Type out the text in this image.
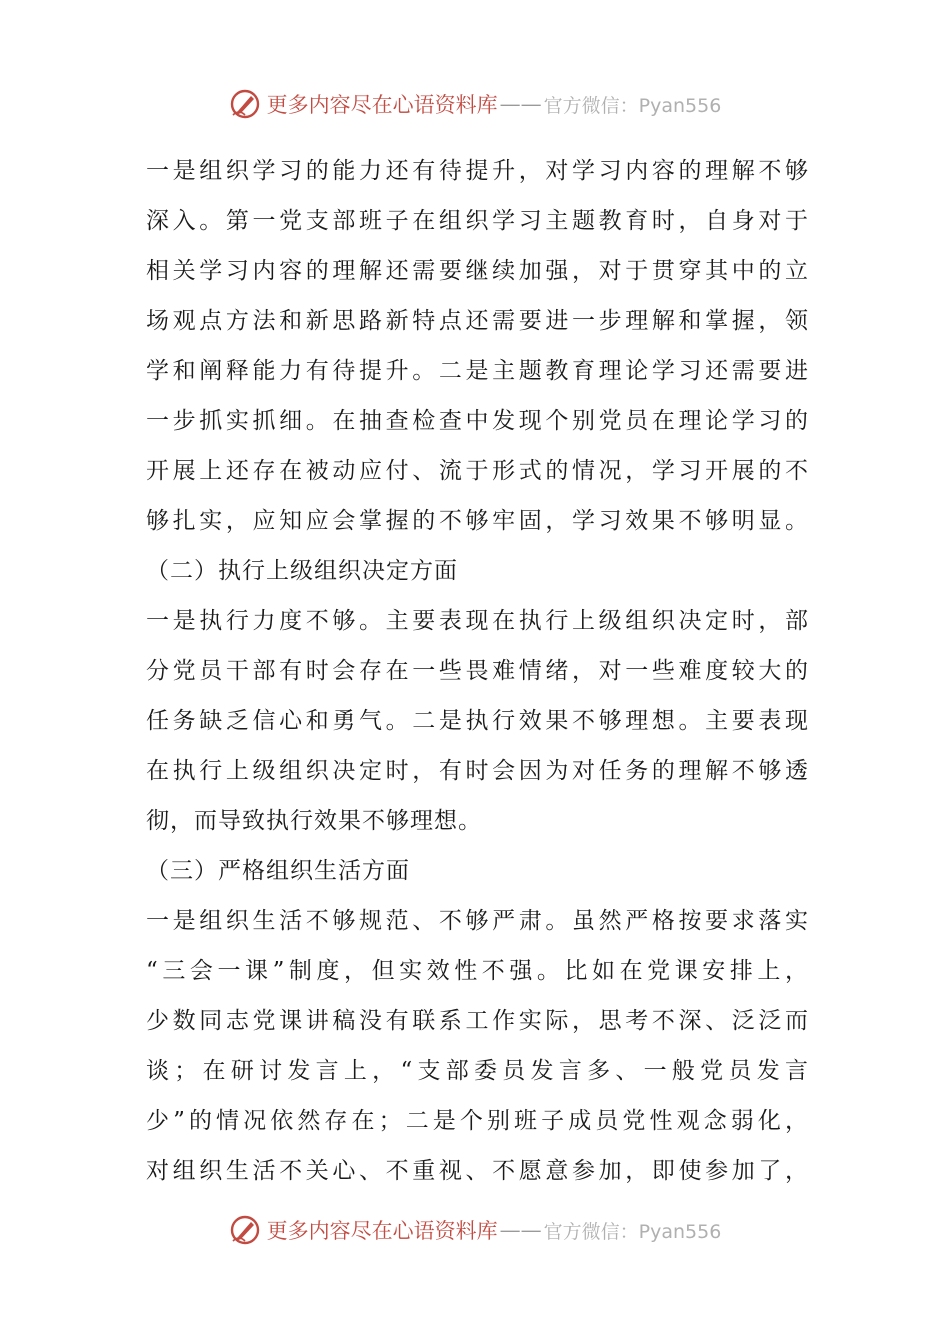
更多内容尽在心语资料库 —— 官方微信：Pyan556
一是组织学习的能力还有待提升，对学习内容的理解不够
深入。第一党支部班子在组织学习主题教育时，自身对于
相关学习内容的理解还需要继续加强，对于贯穿其中的立
场观点方法和新思路新特点还需要进一步理解和掌握，领
学和阐释能力有待提升。二是主题教育理论学习还需要进
一步抓实抓细。在抽查检查中发现个别党员在理论学习的
开展上还存在被动应付、流于形式的情况，学习开展的不
够扎实，应知应会掌握的不够牢固，学习效果不够明显。
（二）执行上级组织决定方面
一是执行力度不够。主要表现在执行上级组织决定时，部
分党员干部有时会存在一些畏难情绪，对一些难度较大的
任务缺乏信心和勇气。二是执行效果不够理想。主要表现
在执行上级组织决定时，有时会因为对任务的理解不够透
彻，而导致执行效果不够理想。
（三）严格组织生活方面
一是组织生活不够规范、不够严肃。虽然严格按要求落实
“三会一课”制度，但实效性不强。比如在党课安排上，
少数同志党课讲稿没有联系工作实际，思考不深、泛泛而
谈；在研讨发言上，“支部委员发言多、一般党员发言
少”的情况依然存在；二是个别班子成员党性观念弱化，
对组织生活不关心、不重视、不愿意参加，即使参加了，
更多内容尽在心语资料库 —— 官方微信：Pyan556
